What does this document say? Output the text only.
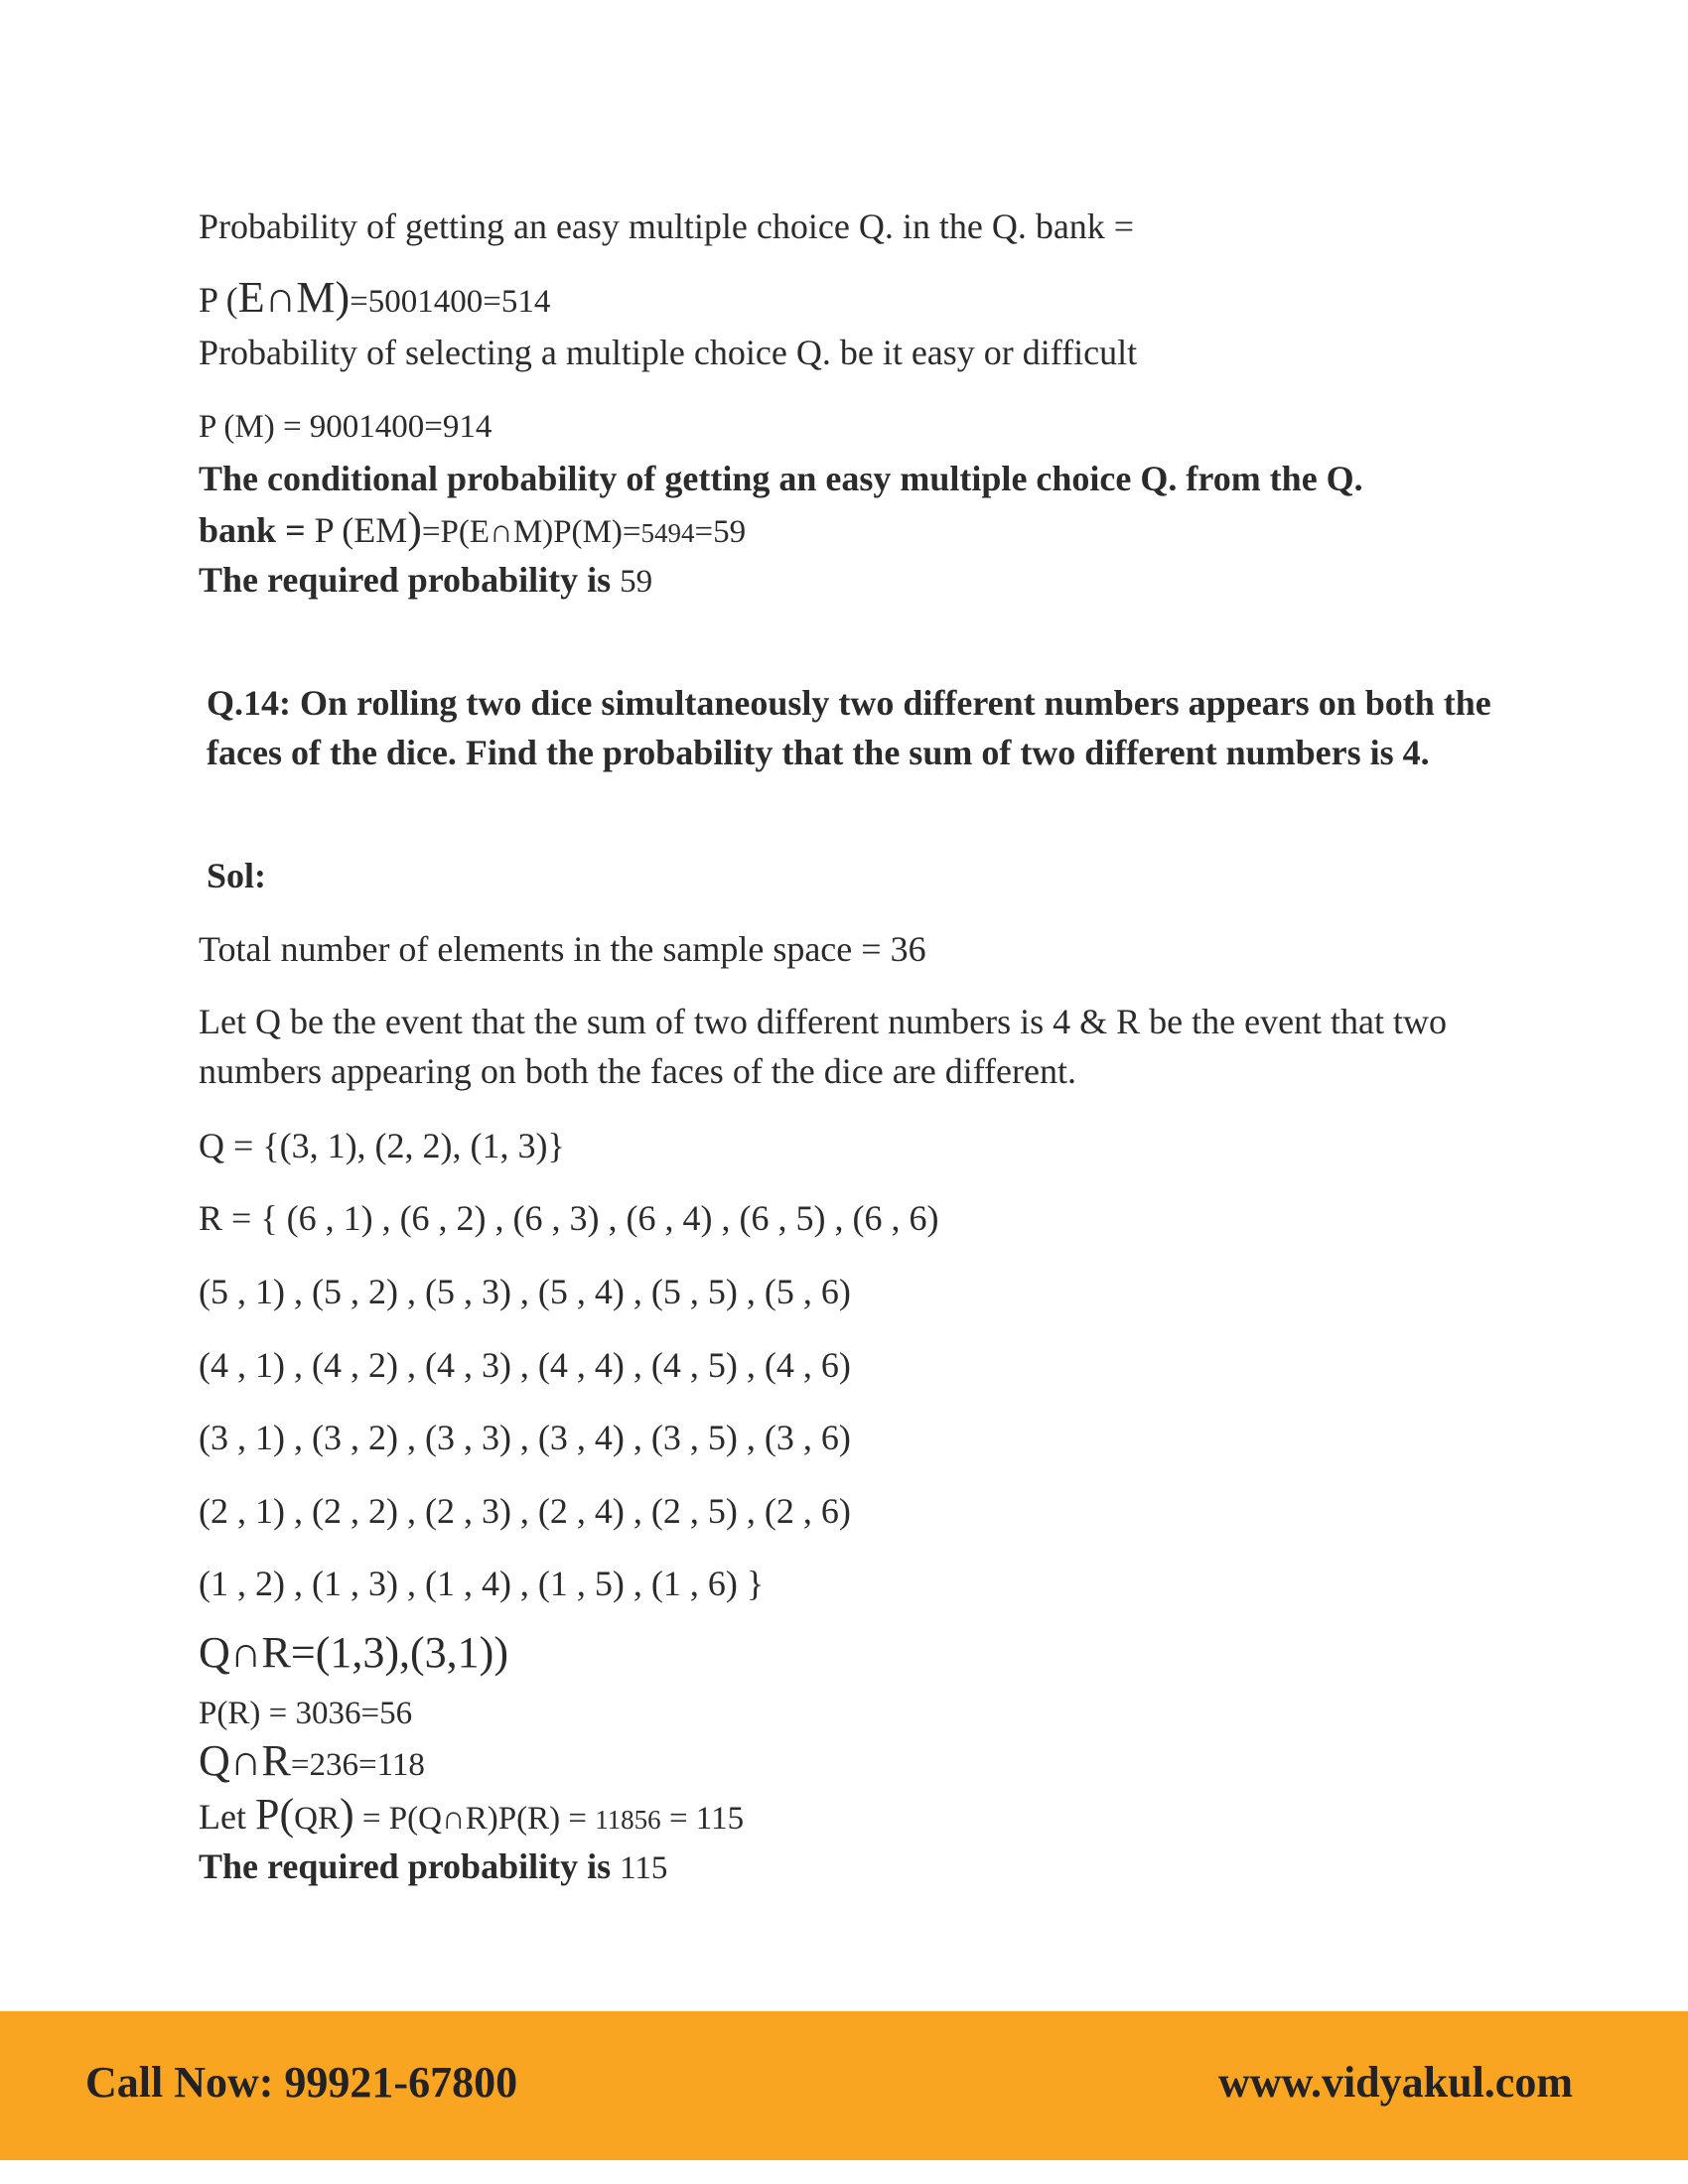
Probability of getting an easy multiple choice Q. in the Q. bank =
P (E∩M)=5001400=514
Probability of selecting a multiple choice Q. be it easy or difficult
P (M) = 9001400=914
The conditional probability of getting an easy multiple choice Q. from the Q.
bank = P (EM)=P(E∩M)P(M)=5494=59
The required probability is 59
Q.14: On rolling two dice simultaneously two different numbers appears on both the faces of the dice. Find the probability that the sum of two different numbers is 4.
Sol:
Total number of elements in the sample space = 36
Let Q be the event that the sum of two different numbers is 4 & R be the event that two numbers appearing on both the faces of the dice are different.
Q = {(3, 1), (2, 2), (1, 3)}
R = { (6 , 1) , (6 , 2) , (6 , 3) , (6 , 4) , (6 , 5) , (6 , 6)
(5 , 1) , (5 , 2) , (5 , 3) , (5 , 4) , (5 , 5) , (5 , 6)
(4 , 1) , (4 , 2) , (4 , 3) , (4 , 4) , (4 , 5) , (4 , 6)
(3 , 1) , (3 , 2) , (3 , 3) , (3 , 4) , (3 , 5) , (3 , 6)
(2 , 1) , (2 , 2) , (2 , 3) , (2 , 4) , (2 , 5) , (2 , 6)
(1 , 2) , (1 , 3) , (1 , 4) , (1 , 5) , (1 , 6) }
Q∩R=(1,3),(3,1))
P(R) = 3036=56
Q∩R=236=118
Let P(QR) = P(Q∩R)P(R) = 11856 = 115
The required probability is 115
Call Now: 99921-67800	www.vidyakul.com
